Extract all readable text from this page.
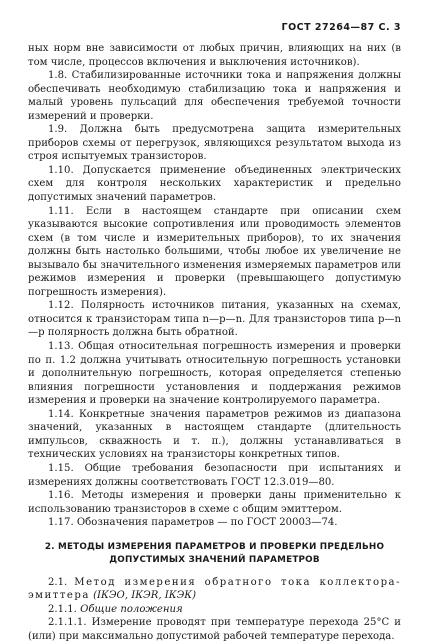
ГОСТ 27264—87 С. 3

ных норм вне зависимости от любых причин, влияющих на них (в том числе, процессов включения и выключения источников).

1.8. Стабилизированные источники тока и напряжения должны обеспечивать необходимую стабилизацию тока и напряжения и малый уровень пульсаций для обеспечения требуемой точности измерений и проверки.

1.9. Должна быть предусмотрена защита измерительных приборов схемы от перегрузок, являющихся результатом выхода из строя испытуемых транзисторов.

1.10. Допускается применение объединенных электрических схем для контроля нескольких характеристик и предельно допустимых значений параметров.

1.11. Если в настоящем стандарте при описании схем указываются высокие сопротивления или проводимость элементов схем (в том числе и измерительных приборов), то их значения должны быть настолько большими, чтобы любое их увеличение не вызывало бы значительного изменения измеряемых параметров или режимов измерения и проверки (превышающего допустимую погрешность измерения).

1.12. Полярность источников питания, указанных на схемах, относится к транзисторам типа n—p—n. Для транзисторов типа p—n—p полярность должна быть обратной.

1.13. Общая относительная погрешность измерения и проверки по п. 1.2 должна учитывать относительную погрешность установки и дополнительную погрешность, которая определяется степенью влияния погрешности установления и поддержания режимов измерения и проверки на значение контролируемого параметра.

1.14. Конкретные значения параметров режимов из диапазона значений, указанных в настоящем стандарте (длительность импульсов, скважность и т. п.), должны устанавливаться в технических условиях на транзисторы конкретных типов.

1.15. Общие требования безопасности при испытаниях и измерениях должны соответствовать ГОСТ 12.3.019—80.

1.16. Методы измерения и проверки даны применительно к использованию транзисторов в схеме с общим эмиттером.

1.17. Обозначения параметров — по ГОСТ 20003—74.

2. МЕТОДЫ ИЗМЕРЕНИЯ ПАРАМЕТРОВ И ПРОВЕРКИ ПРЕДЕЛЬНО
ДОПУСТИМЫХ ЗНАЧЕНИЙ ПАРАМЕТРОВ

2.1. Метод измерения обратного тока коллектора-эмиттера (IКЭО, IКЭR, IКЭК)

2.1.1. Общие положения

2.1.1.1. Измерение проводят при температуре перехода 25°С и (или) при максимально допустимой рабочей температуре перехода.
